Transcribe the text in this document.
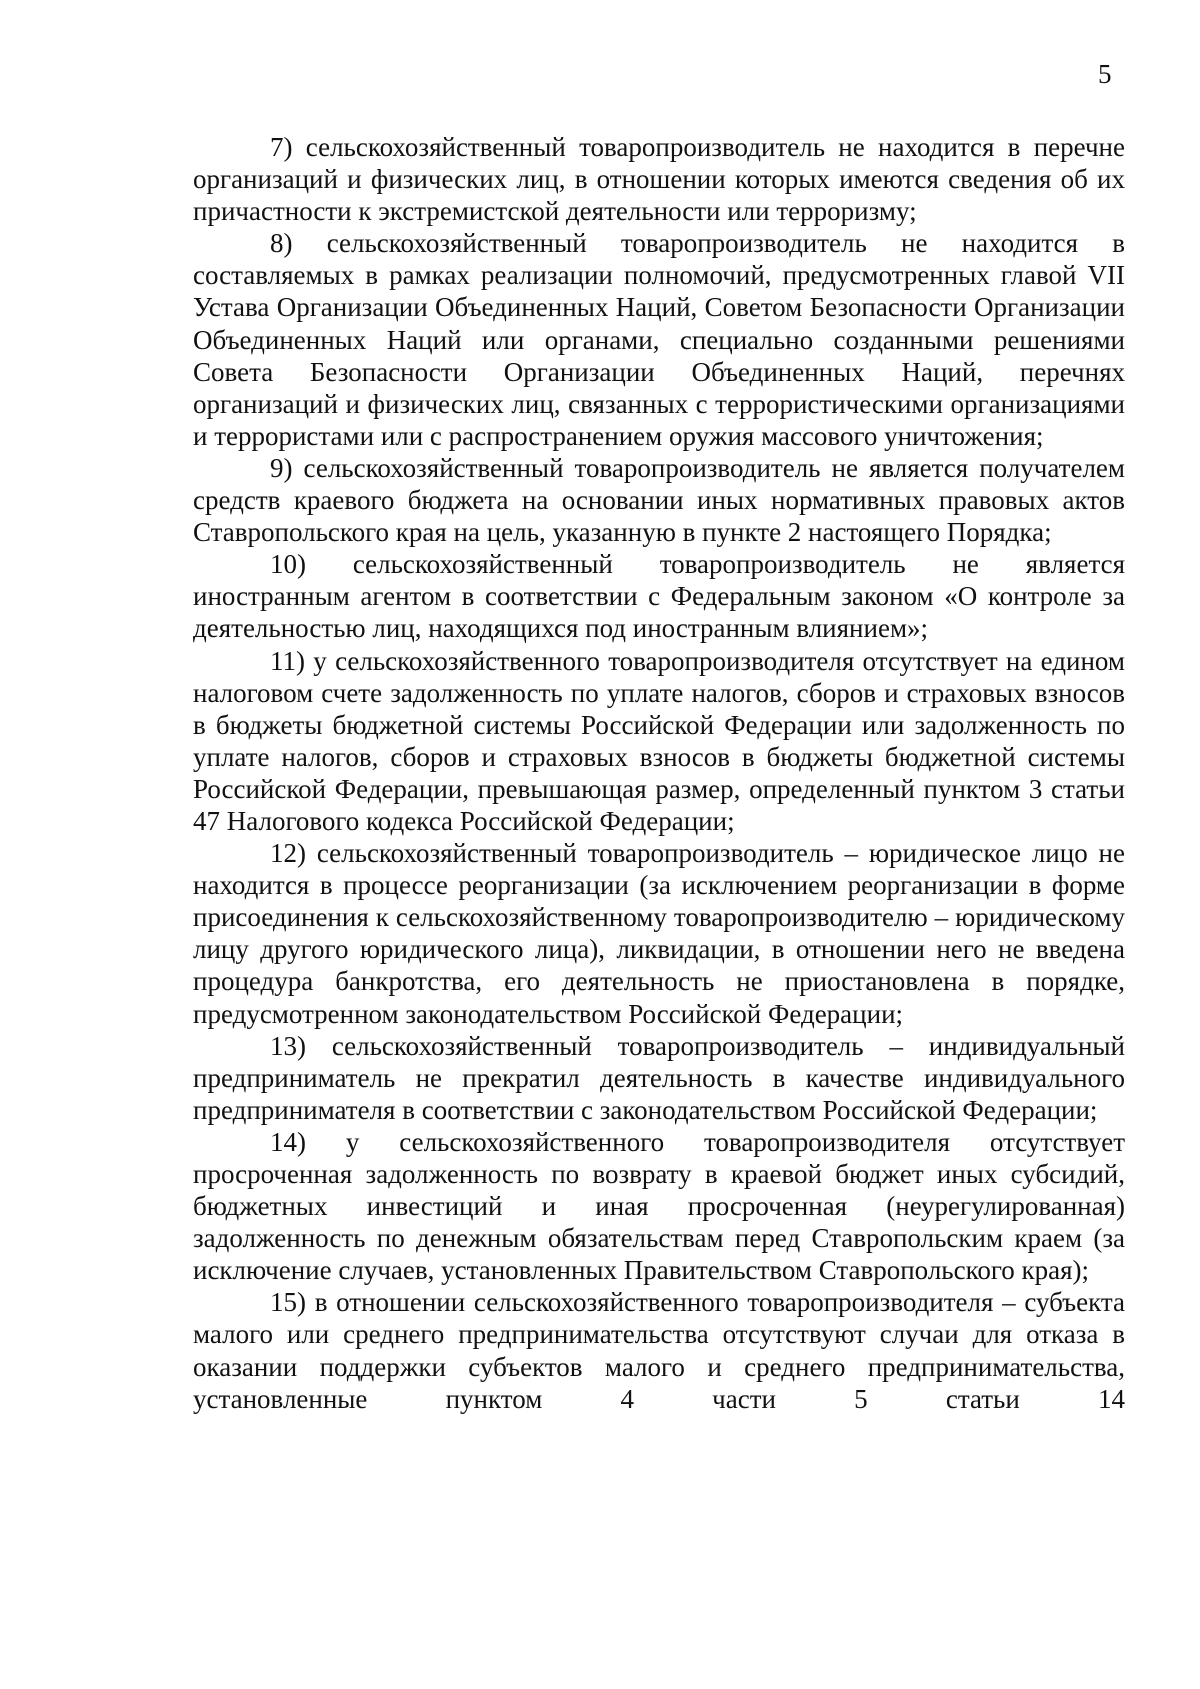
5

7) сельскохозяйственный товаропроизводитель не находится в перечне организаций и физических лиц, в отношении которых имеются сведения об их причастности к экстремистской деятельности или терроризму;

8) сельскохозяйственный товаропроизводитель не находится в составляемых в рамках реализации полномочий, предусмотренных главой VII Устава Организации Объединенных Наций, Советом Безопасности Организации Объединенных Наций или органами, специально созданными решениями Совета Безопасности Организации Объединенных Наций, перечнях организаций и физических лиц, связанных с террористическими организациями и террористами или с распространением оружия массового уничтожения;

9) сельскохозяйственный товаропроизводитель не является получателем средств краевого бюджета на основании иных нормативных правовых актов Ставропольского края на цель, указанную в пункте 2 настоящего Порядка;

10) сельскохозяйственный товаропроизводитель не является иностранным агентом в соответствии с Федеральным законом «О контроле за деятельностью лиц, находящихся под иностранным влиянием»;

11) у сельскохозяйственного товаропроизводителя отсутствует на едином налоговом счете задолженность по уплате налогов, сборов и страховых взносов в бюджеты бюджетной системы Российской Федерации или задолженность по уплате налогов, сборов и страховых взносов в бюджеты бюджетной системы Российской Федерации, превышающая размер, определенный пунктом 3 статьи 47 Налогового кодекса Российской Федерации;

12) сельскохозяйственный товаропроизводитель – юридическое лицо не находится в процессе реорганизации (за исключением реорганизации в форме присоединения к сельскохозяйственному товаропроизводителю – юридическому лицу другого юридического лица), ликвидации, в отношении него не введена процедура банкротства, его деятельность не приостановлена в порядке, предусмотренном законодательством Российской Федерации;

13) сельскохозяйственный товаропроизводитель – индивидуальный предприниматель не прекратил деятельность в качестве индивидуального предпринимателя в соответствии с законодательством Российской Федерации;

14) у сельскохозяйственного товаропроизводителя отсутствует просроченная задолженность по возврату в краевой бюджет иных субсидий, бюджетных инвестиций и иная просроченная (неурегулированная) задолженность по денежным обязательствам перед Ставропольским краем (за исключение случаев, установленных Правительством Ставропольского края);

15) в отношении сельскохозяйственного товаропроизводителя – субъекта малого или среднего предпринимательства отсутствуют случаи для отказа в оказании поддержки субъектов малого и среднего предпринимательства, установленные пунктом 4 части 5 статьи 14
